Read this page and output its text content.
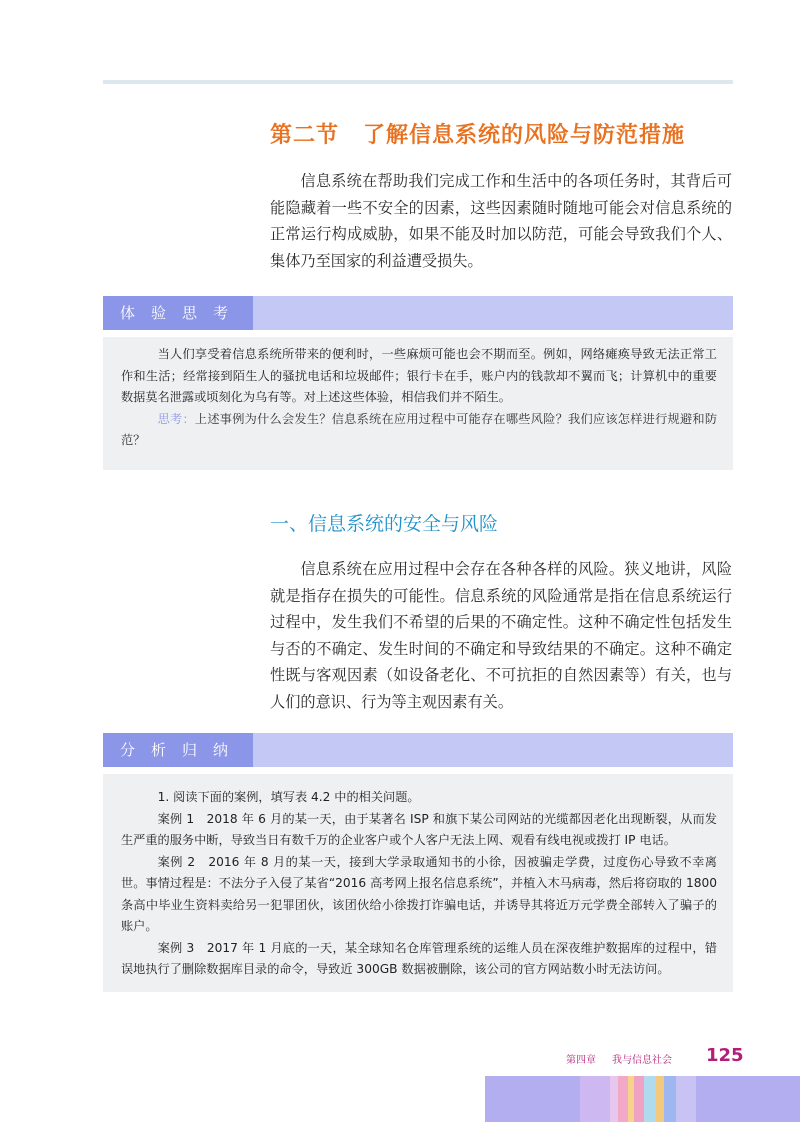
第二节 了解信息系统的风险与防范措施

信息系统在帮助我们完成工作和生活中的各项任务时，其背后可能隐藏着一些不安全的因素，这些因素随时随地可能会对信息系统的正常运行构成威胁，如果不能及时加以防范，可能会导致我们个人、集体乃至国家的利益遭受损失。

体验思考

当人们享受着信息系统所带来的便利时，一些麻烦可能也会不期而至。例如，网络瘫痪导致无法正常工作和生活；经常接到陌生人的骚扰电话和垃圾邮件；银行卡在手，账户内的钱款却不翼而飞；计算机中的重要数据莫名泄露或顷刻化为乌有等。对上述这些体验，相信我们并不陌生。

思考：上述事例为什么会发生？信息系统在应用过程中可能存在哪些风险？我们应该怎样进行规避和防范？

一、信息系统的安全与风险

信息系统在应用过程中会存在各种各样的风险。狭义地讲，风险就是指存在损失的可能性。信息系统的风险通常是指在信息系统运行过程中，发生我们不希望的后果的不确定性。这种不确定性包括发生与否的不确定、发生时间的不确定和导致结果的不确定。这种不确定性既与客观因素（如设备老化、不可抗拒的自然因素等）有关，也与人们的意识、行为等主观因素有关。

分析归纳

1. 阅读下面的案例，填写表 4.2 中的相关问题。

案例 1　2018 年 6 月的某一天，由于某著名 ISP 和旗下某公司网站的光缆都因老化出现断裂，从而发生严重的服务中断，导致当日有数千万的企业客户或个人客户无法上网、观看有线电视或拨打 IP 电话。

案例 2　2016 年 8 月的某一天，接到大学录取通知书的小徐，因被骗走学费，过度伤心导致不幸离世。事情过程是：不法分子入侵了某省“2016 高考网上报名信息系统”，并植入木马病毒，然后将窃取的 1800 条高中毕业生资料卖给另一犯罪团伙，该团伙给小徐拨打诈骗电话，并诱导其将近万元学费全部转入了骗子的账户。

案例 3　2017 年 1 月底的一天，某全球知名仓库管理系统的运维人员在深夜维护数据库的过程中，错误地执行了删除数据库目录的命令，导致近 300GB 数据被删除，该公司的官方网站数小时无法访问。

第四章 我与信息社会 125
